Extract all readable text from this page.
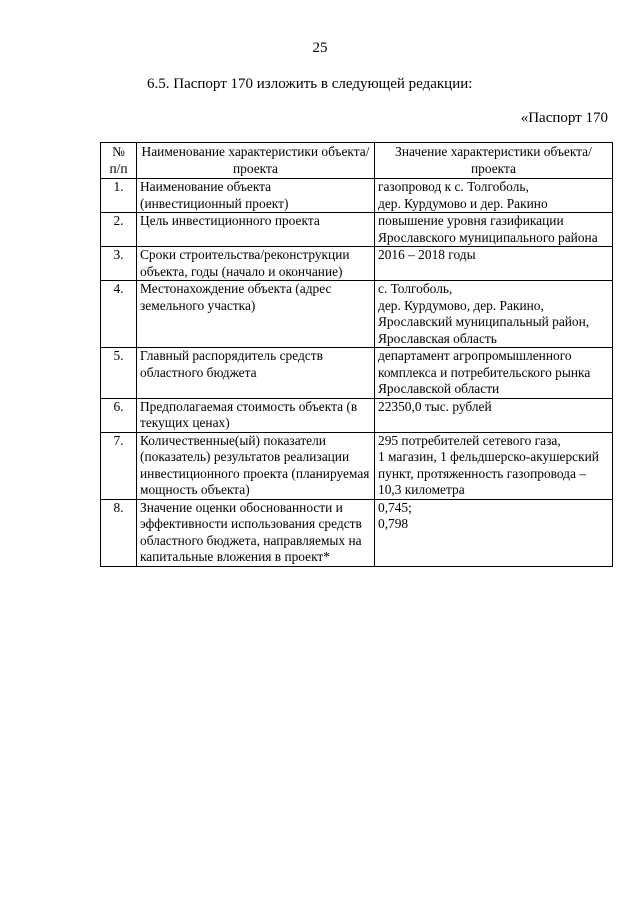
25
6.5. Паспорт 170 изложить в следующей редакции:
«Паспорт 170
№
п/п	Наименование характеристики объекта/проекта	Значение характеристики объекта/проекта
1.	Наименование объекта (инвестиционный проект)	газопровод к с. Толгоболь,
дер. Курдумово и дер. Ракино
2.	Цель инвестиционного проекта	повышение уровня газификации Ярославского муниципального района
3.	Сроки строительства/реконструкции объекта, годы (начало и окончание)	2016 – 2018 годы
4.	Местонахождение объекта (адрес земельного участка)	с. Толгоболь,
дер. Курдумово, дер. Ракино, Ярославский муниципальный район, Ярославская область
5.	Главный распорядитель средств областного бюджета	департамент агропромышленного комплекса и потребительского рынка Ярославской области
6.	Предполагаемая стоимость объекта (в текущих ценах)	22350,0 тыс. рублей
7.	Количественные(ый) показатели (показатель) результатов реализации инвестиционного проекта (планируемая мощность объекта)	295 потребителей сетевого газа,
1 магазин, 1 фельдшерско-акушерский пункт, протяженность газопровода – 10,3 километра
8.	Значение оценки обоснованности и эффективности использования средств областного бюджета, направляемых на капитальные вложения в проект*	0,745;
0,798
